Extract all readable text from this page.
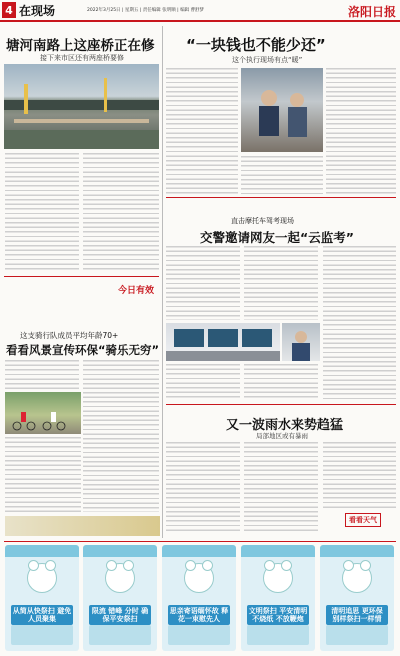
4 在现场	2022年3月25日 | 星期五 | 责任编辑 张明顺 | 编辑 曹舒梦	洛阳日报
塘河南路上这座桥正在修
接下来市区还有两座桥要修
“一块钱也不能少还”
这个执行现场有点“暖”
直击摩托车驾考现场
交警邀请网友一起“云监考”
又一波雨水来势趋猛
局部地区或有暴雨
看看天气
今日有效
这支骑行队成员平均年龄70+
看看风景宣传环保“骑乐无穷”
从简从快祭扫 避免人员聚集
限流 错峰 分时 确保平安祭扫
思亲寄语缅怀故 释花一束慰先人
文明祭扫 平安清明 不烧纸 不放鞭炮
清明追思 更环保 别样祭扫一样情
